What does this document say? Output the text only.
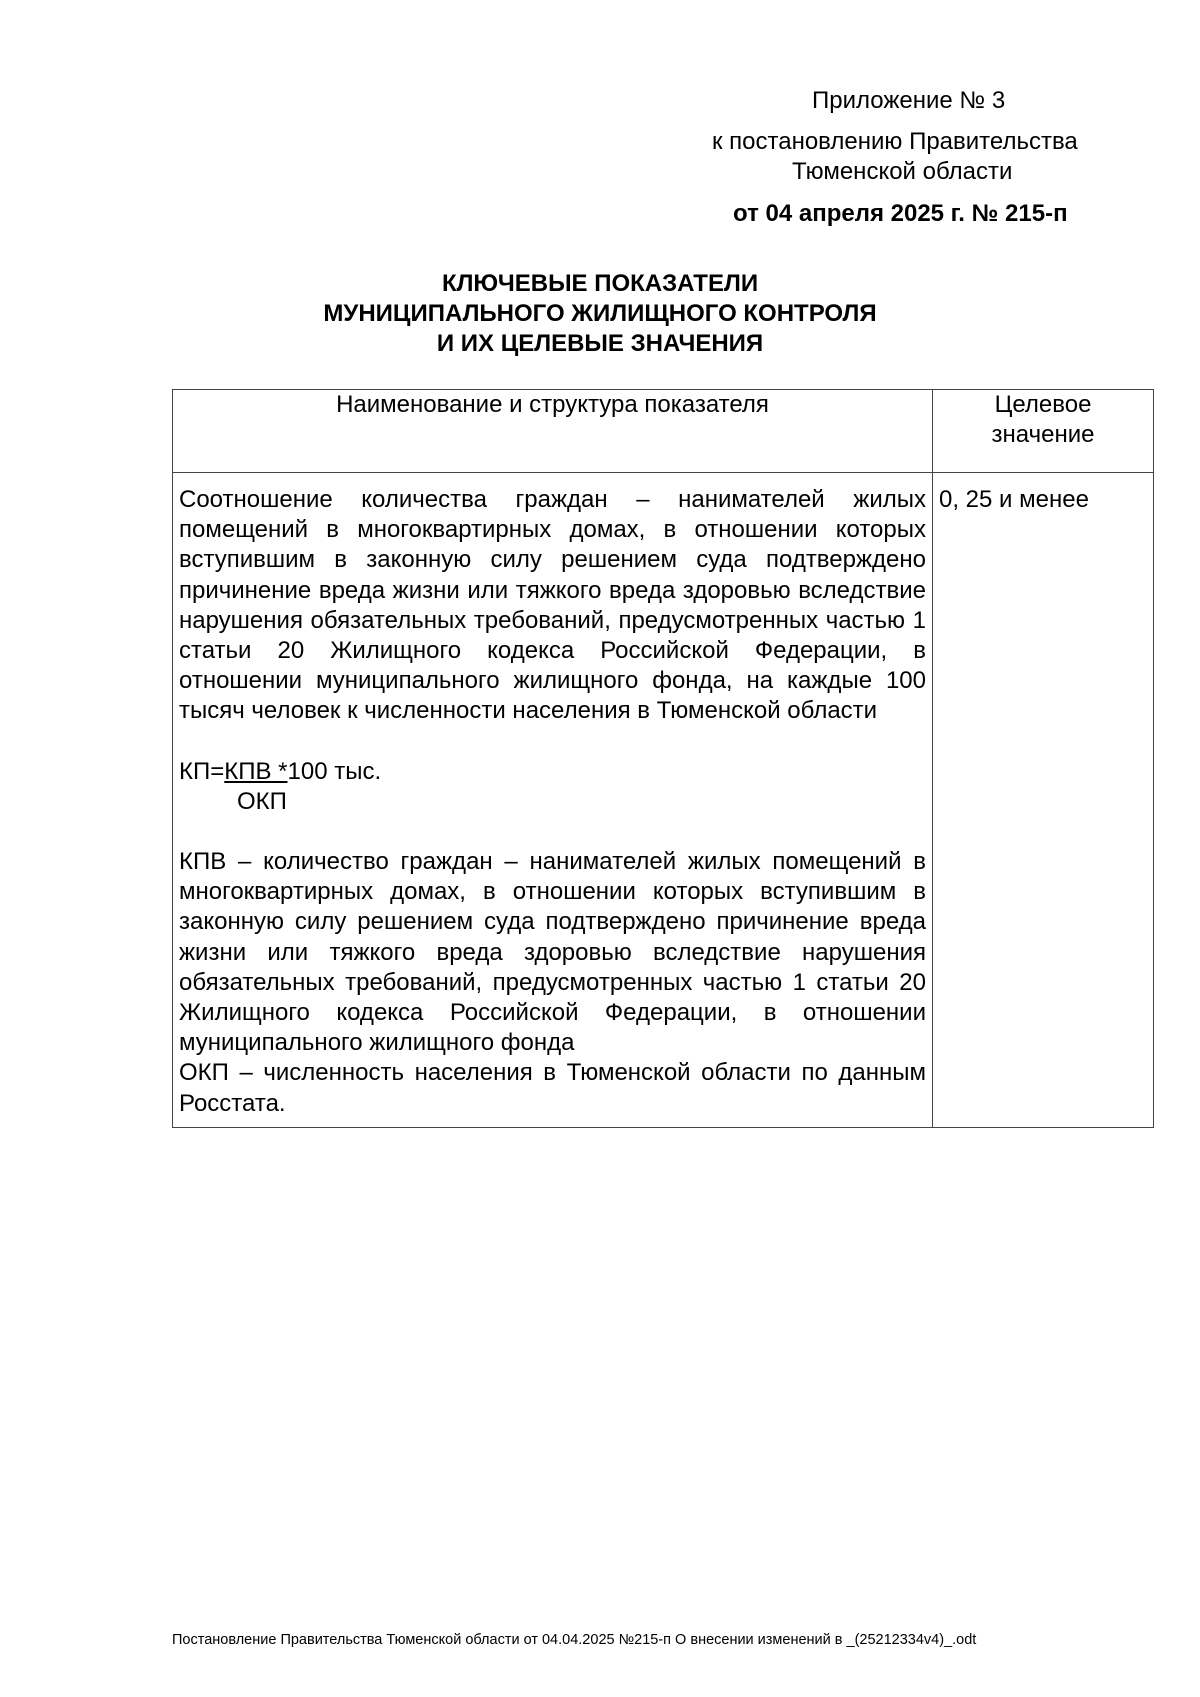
Приложение № 3
к постановлению Правительства
Тюменской области
от 04 апреля 2025 г. № 215-п
КЛЮЧЕВЫЕ ПОКАЗАТЕЛИ
МУНИЦИПАЛЬНОГО ЖИЛИЩНОГО КОНТРОЛЯ
И ИХ ЦЕЛЕВЫЕ ЗНАЧЕНИЯ
Наименование и структура показателя	Целевое
значение

Соотношение количества граждан – нанимателей жилых помещений в многоквартирных домах, в отношении которых вступившим в законную силу решением суда подтверждено причинение вреда жизни или тяжкого вреда здоровью вследствие нарушения обязательных требований, предусмотренных частью 1 статьи 20 Жилищного кодекса Российской Федерации, в отношении муниципального жилищного фонда, на каждые 100 тысяч человек к численности населения в Тюменской области

КП=КПВ *100 тыс.

ОКП

КПВ – количество граждан – нанимателей жилых помещений в многоквартирных домах, в отношении которых вступившим в законную силу решением суда подтверждено причинение вреда жизни или тяжкого вреда здоровью вследствие нарушения обязательных требований, предусмотренных частью 1 статьи 20 Жилищного кодекса Российской Федерации, в отношении муниципального жилищного фонда

ОКП – численность населения в Тюменской области по данным Росстата.	0, 25 и менее
Постановление Правительства Тюменской области от 04.04.2025 №215-п О внесении изменений в _(25212334v4)_.odt
